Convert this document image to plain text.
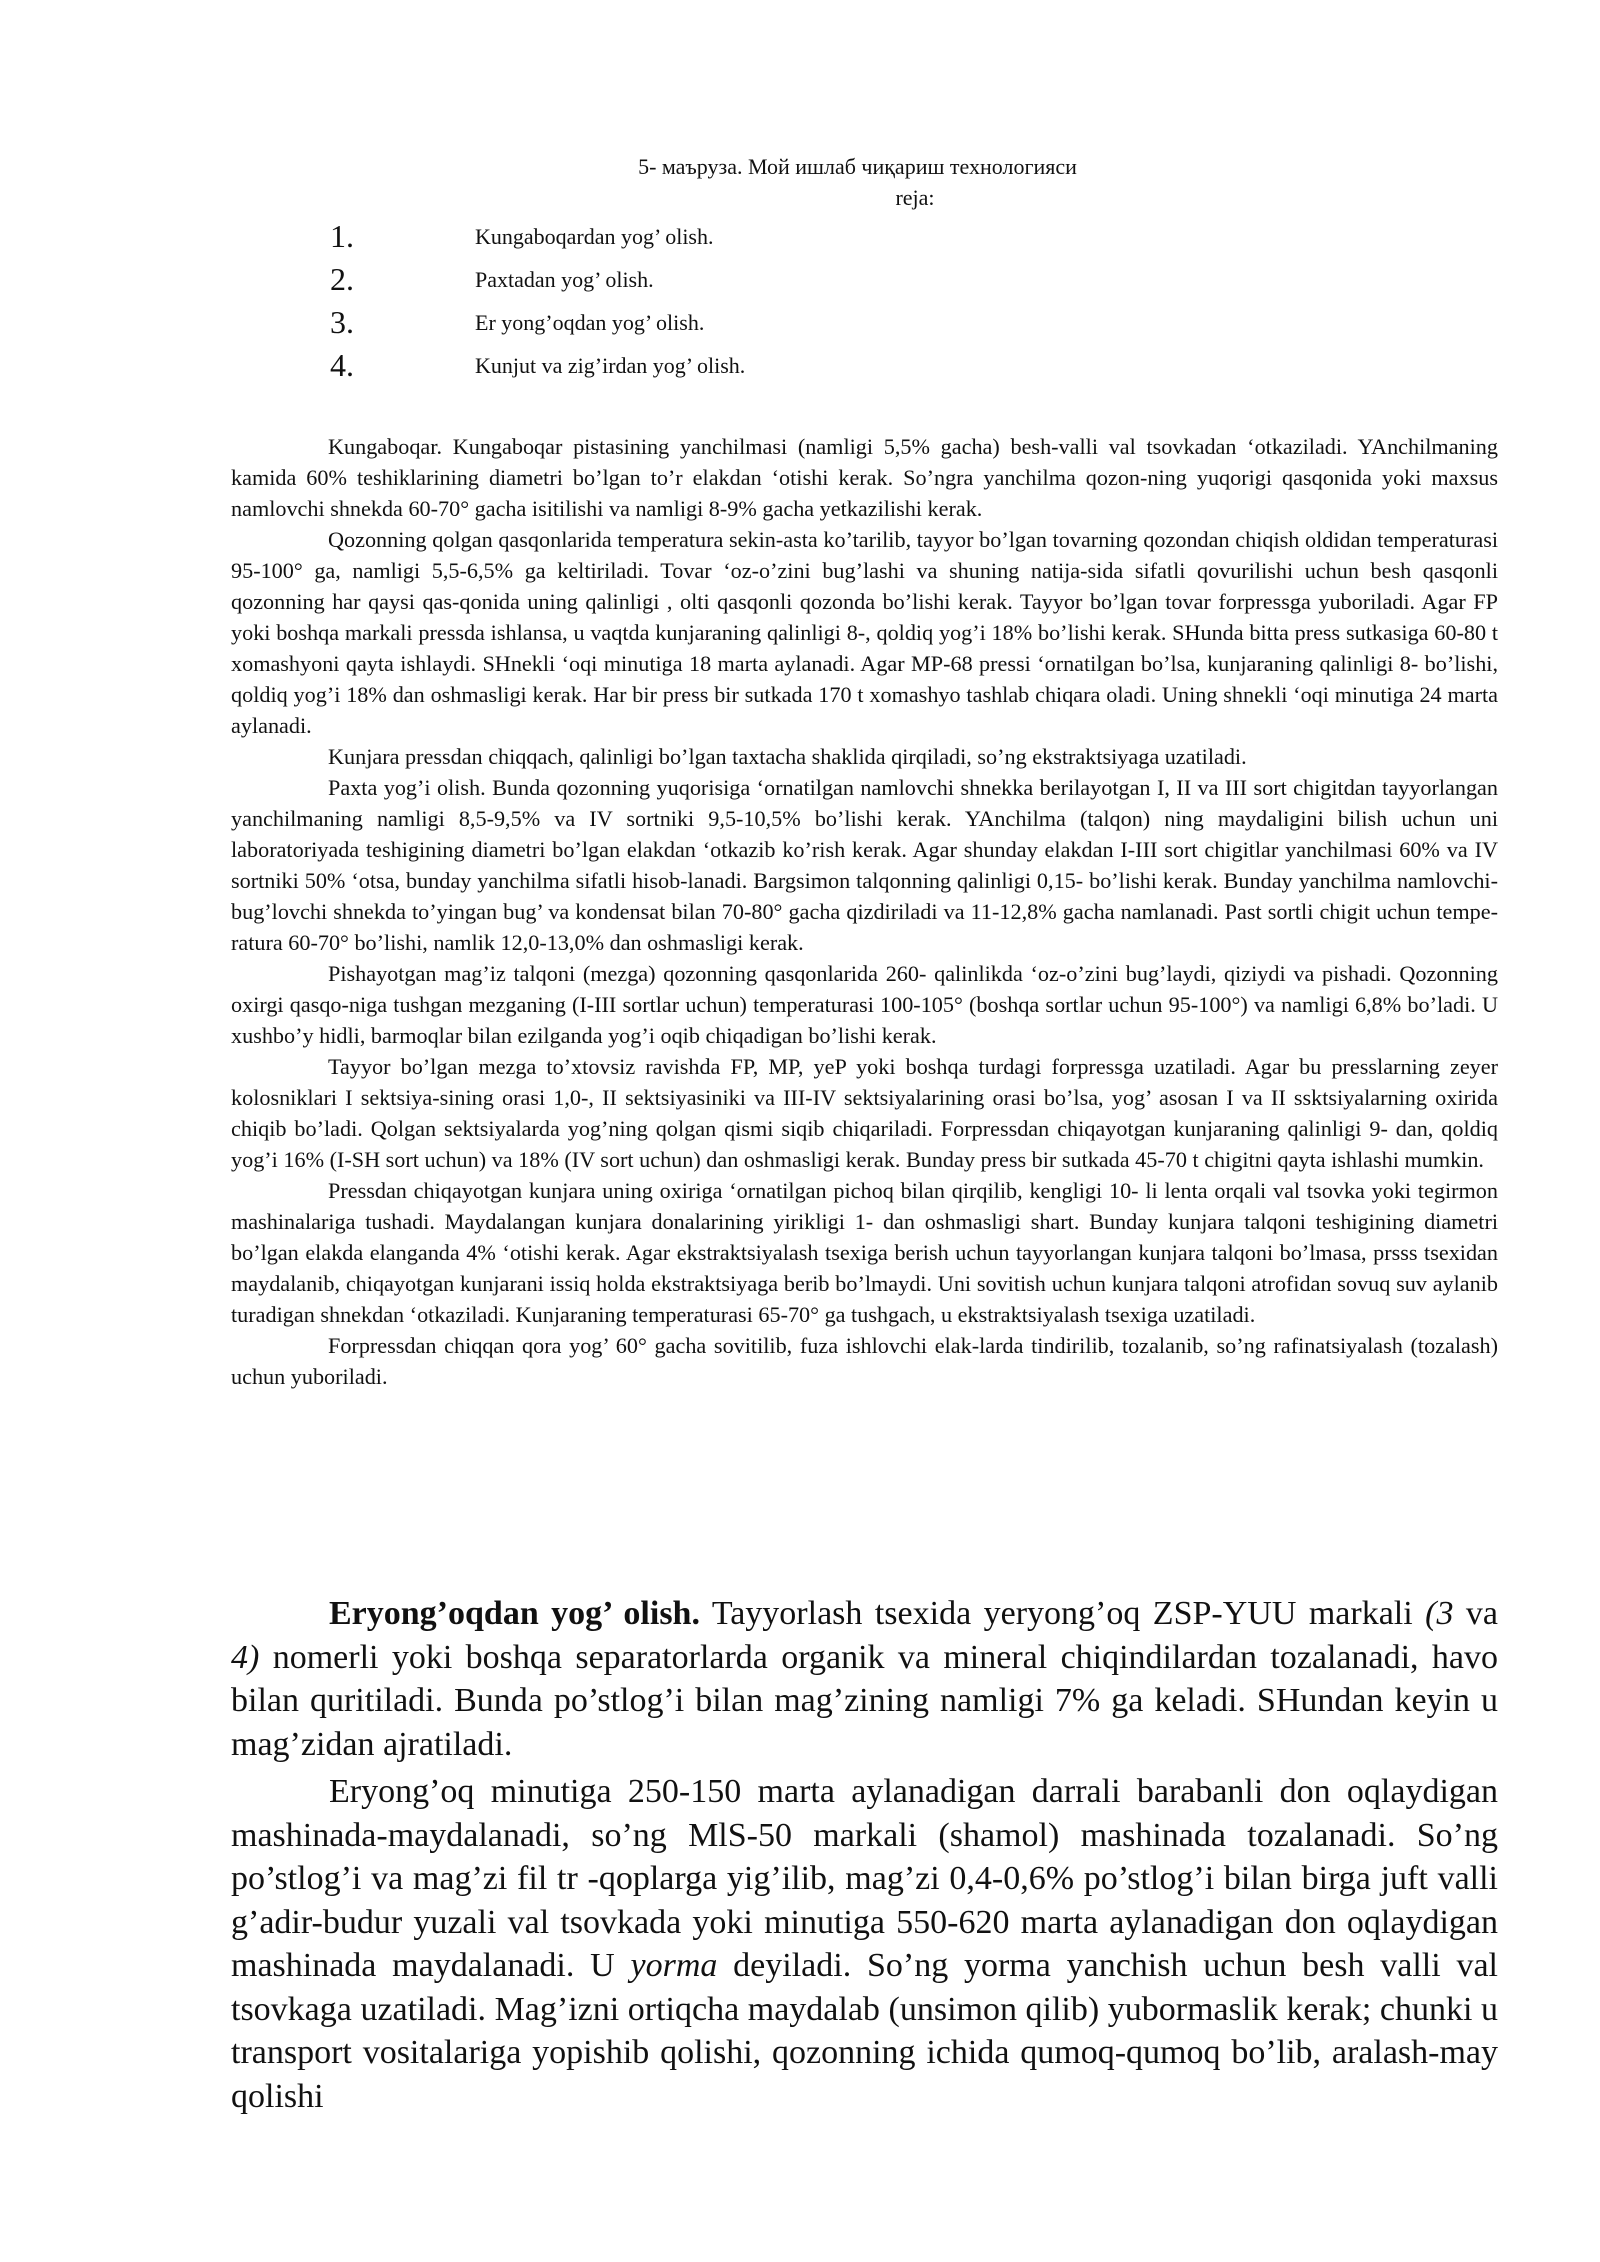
5- маъруза. Мой ишлаб чиқариш технологияси
reja:
1.	Kungaboqardan yog’ olish.
2.	Paxtadan yog’ olish.
3.	Er yong’oqdan yog’ olish.
4.	Kunjut va zig’irdan yog’ olish.

Kungaboqar. Kungaboqar pistasining yanchilmasi (namligi 5,5% gacha) besh-valli val tsovkadan ‘otkaziladi. YAnchilmaning kamida 60% teshiklarining diametri bo’lgan to’r elakdan ‘otishi kerak. So’ngra yanchilma qozon-ning yuqorigi qasqonida yoki maxsus namlovchi shnekda 60-70° gacha isitilishi va namligi 8-9% gacha yetkazilishi kerak.

Qozonning qolgan qasqonlarida temperatura sekin-asta ko’tarilib, tayyor bo’lgan tovarning qozondan chiqish oldidan temperaturasi 95-100° ga, namligi 5,5-6,5% ga keltiriladi. Tovar ‘oz-o’zini bug’lashi va shuning natija-sida sifatli qovurilishi uchun besh qasqonli qozonning har qaysi qas-qonida uning qalinligi , olti qasqonli qozonda bo’lishi kerak. Tayyor bo’lgan tovar forpressga yuboriladi. Agar FP yoki boshqa markali pressda ishlansa, u vaqtda kunjaraning qalinligi 8-, qoldiq yog’i 18% bo’lishi kerak. SHunda bitta press sutkasiga 60-80 t xomashyoni qayta ishlaydi. SHnekli ‘oqi minutiga 18 marta aylanadi. Agar MP-68 pressi ‘ornatilgan bo’lsa, kunjaraning qalinligi 8- bo’lishi, qoldiq yog’i 18% dan oshmasligi kerak. Har bir press bir sutkada 170 t xomashyo tashlab chiqara oladi. Uning shnekli ‘oqi minutiga 24 marta aylanadi.

Kunjara pressdan chiqqach, qalinligi bo’lgan taxtacha shaklida qirqiladi, so’ng ekstraktsiyaga uzatiladi.

Paxta yog’i olish. Bunda qozonning yuqorisiga ‘ornatilgan namlovchi shnekka berilayotgan I, II va III sort chigitdan tayyorlangan yanchilmaning namligi 8,5-9,5% va IV sortniki 9,5-10,5% bo’lishi kerak. YAnchilma (talqon) ning maydaligini bilish uchun uni laboratoriyada teshigining diametri bo’lgan elakdan ‘otkazib ko’rish kerak. Agar shunday elakdan I-III sort chigitlar yanchilmasi 60% va IV sortniki 50% ‘otsa, bunday yanchilma sifatli hisob-lanadi. Bargsimon talqonning qalinligi 0,15- bo’lishi kerak. Bunday yanchilma namlovchi-bug’lovchi shnekda to’yingan bug’ va kondensat bilan 70-80° gacha qizdiriladi va 11-12,8% gacha namlanadi. Past sortli chigit uchun tempe-ratura 60-70° bo’lishi, namlik 12,0-13,0% dan oshmasligi kerak.

Pishayotgan mag’iz talqoni (mezga) qozonning qasqonlarida 260- qalinlikda ‘oz-o’zini bug’laydi, qiziydi va pishadi. Qozonning oxirgi qasqo-niga tushgan mezganing (I-III sortlar uchun) temperaturasi 100-105° (boshqa sortlar uchun 95-100°) va namligi 6,8% bo’ladi. U xushbo’y hidli, barmoqlar bilan ezilganda yog’i oqib chiqadigan bo’lishi kerak.

Tayyor bo’lgan mezga to’xtovsiz ravishda FP, MP, yeP yoki boshqa turdagi forpressga uzatiladi. Agar bu presslarning zeyer kolosniklari I sektsiya-sining orasi 1,0-, II sektsiyasiniki va III-IV sektsiyalarining orasi bo’lsa, yog’ asosan I va II ssktsiyalarning oxirida chiqib bo’ladi. Qolgan sektsiyalarda yog’ning qolgan qismi siqib chiqariladi. Forpressdan chiqayotgan kunjaraning qalinligi 9- dan, qoldiq yog’i 16% (I-SH sort uchun) va 18% (IV sort uchun) dan oshmasligi kerak. Bunday press bir sutkada 45-70 t chigitni qayta ishlashi mumkin.

Pressdan chiqayotgan kunjara uning oxiriga ‘ornatilgan pichoq bilan qirqilib, kengligi 10- li lenta orqali val tsovka yoki tegirmon mashinalariga tushadi. Maydalangan kunjara donalarining yirikligi 1- dan oshmasligi shart. Bunday kunjara talqoni teshigining diametri bo’lgan elakda elanganda 4% ‘otishi kerak. Agar ekstraktsiyalash tsexiga berish uchun tayyorlangan kunjara talqoni bo’lmasa, prsss tsexidan maydalanib, chiqayotgan kunjarani issiq holda ekstraktsiyaga berib bo’lmaydi. Uni sovitish uchun kunjara talqoni atrofidan sovuq suv aylanib turadigan shnekdan ‘otkaziladi. Kunjaraning temperaturasi 65-70° ga tushgach, u ekstraktsiyalash tsexiga uzatiladi.

Forpressdan chiqqan qora yog’ 60° gacha sovitilib, fuza ishlovchi elak-larda tindirilib, tozalanib, so’ng rafinatsiyalash (tozalash) uchun yuboriladi.

Eryong’oqdan yog’ olish. Tayyorlash tsexida yeryong’oq ZSP-YUU markali (3 va 4) nomerli yoki boshqa separatorlarda organik va mineral chiqindilardan tozalanadi, havo bilan quritiladi. Bunda po’stlog’i bilan mag’zining namligi 7% ga keladi. SHundan keyin u mag’zidan ajratiladi.

Eryong’oq minutiga 250-150 marta aylanadigan darrali barabanli don oqlaydigan mashinada-maydalanadi, so’ng MlS-50 markali (shamol) mashinada tozalanadi. So’ng po’stlog’i va mag’zi fil tr -qoplarga yig’ilib, mag’zi 0,4-0,6% po’stlog’i bilan birga juft valli g’adir-budur yuzali val tsovkada yoki minutiga 550-620 marta aylanadigan don oqlaydigan mashinada maydalanadi. U yorma deyiladi. So’ng yorma yanchish uchun besh valli val tsovkaga uzatiladi. Mag’izni ortiqcha maydalab (unsimon qilib) yubormaslik kerak; chunki u transport vositalariga yopishib qolishi, qozonning ichida qumoq-qumoq bo’lib, aralash-may qolishi
